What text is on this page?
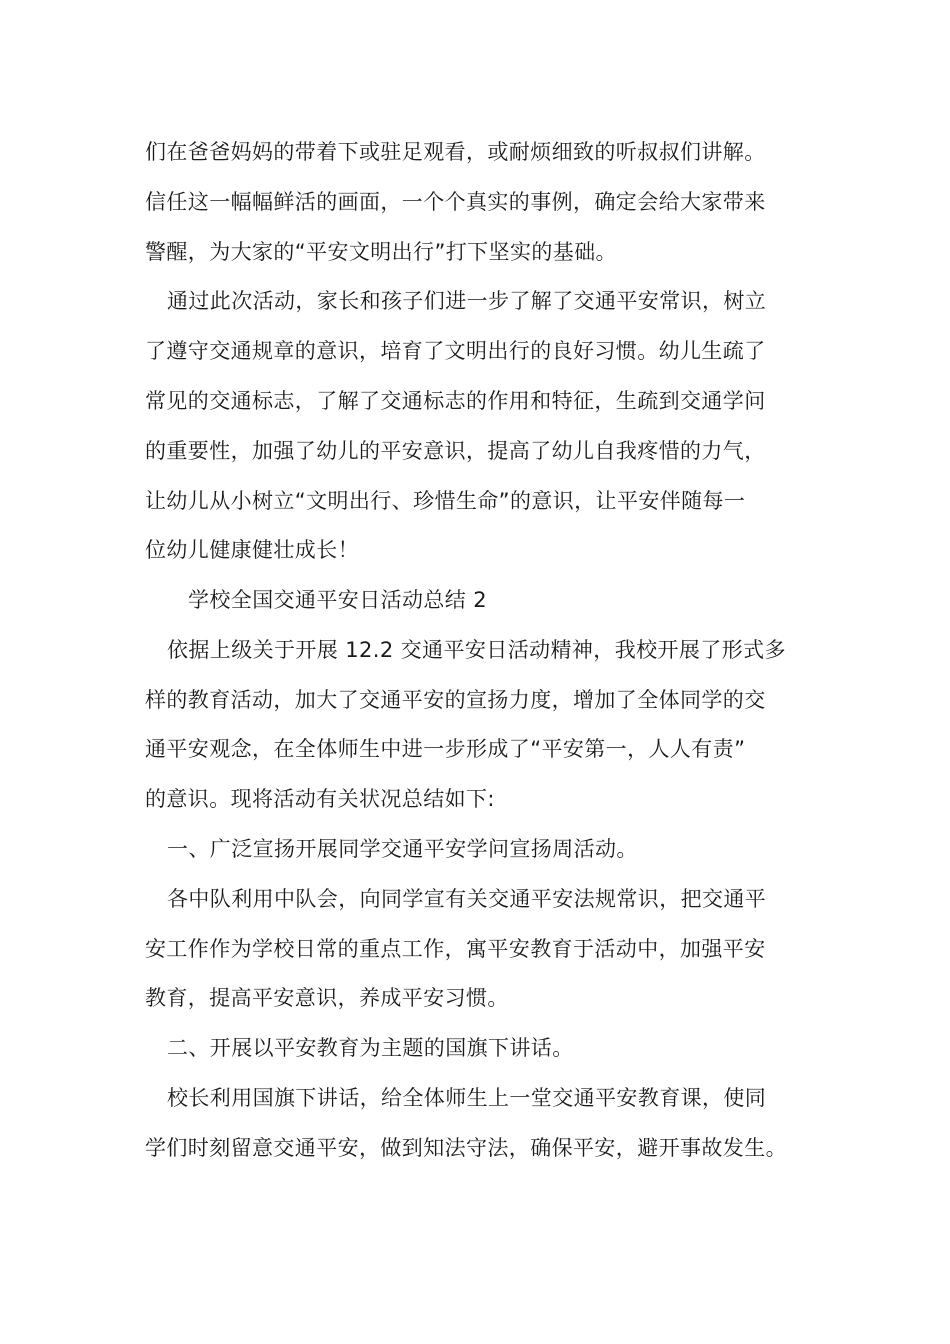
们在爸爸妈妈的带着下或驻足观看，或耐烦细致的听叔叔们讲解。
信任这一幅幅鲜活的画面，一个个真实的事例，确定会给大家带来
警醒，为大家的“平安文明出行”打下坚实的基础。
通过此次活动，家长和孩子们进一步了解了交通平安常识，树立
了遵守交通规章的意识，培育了文明出行的良好习惯。幼儿生疏了
常见的交通标志，了解了交通标志的作用和特征，生疏到交通学问
的重要性，加强了幼儿的平安意识，提高了幼儿自我疼惜的力气，
让幼儿从小树立“文明出行、珍惜生命”的意识，让平安伴随每一
位幼儿健康健壮成长！
学校全国交通平安日活动总结 2
依据上级关于开展 12.2 交通平安日活动精神，我校开展了形式多
样的教育活动，加大了交通平安的宣扬力度，增加了全体同学的交
通平安观念，在全体师生中进一步形成了“平安第一，人人有责”
的意识。现将活动有关状况总结如下:
一、广泛宣扬开展同学交通平安学问宣扬周活动。
各中队利用中队会，向同学宣有关交通平安法规常识，把交通平
安工作作为学校日常的重点工作，寓平安教育于活动中，加强平安
教育，提高平安意识，养成平安习惯。
二、开展以平安教育为主题的国旗下讲话。
校长利用国旗下讲话，给全体师生上一堂交通平安教育课，使同
学们时刻留意交通平安，做到知法守法，确保平安，避开事故发生。
